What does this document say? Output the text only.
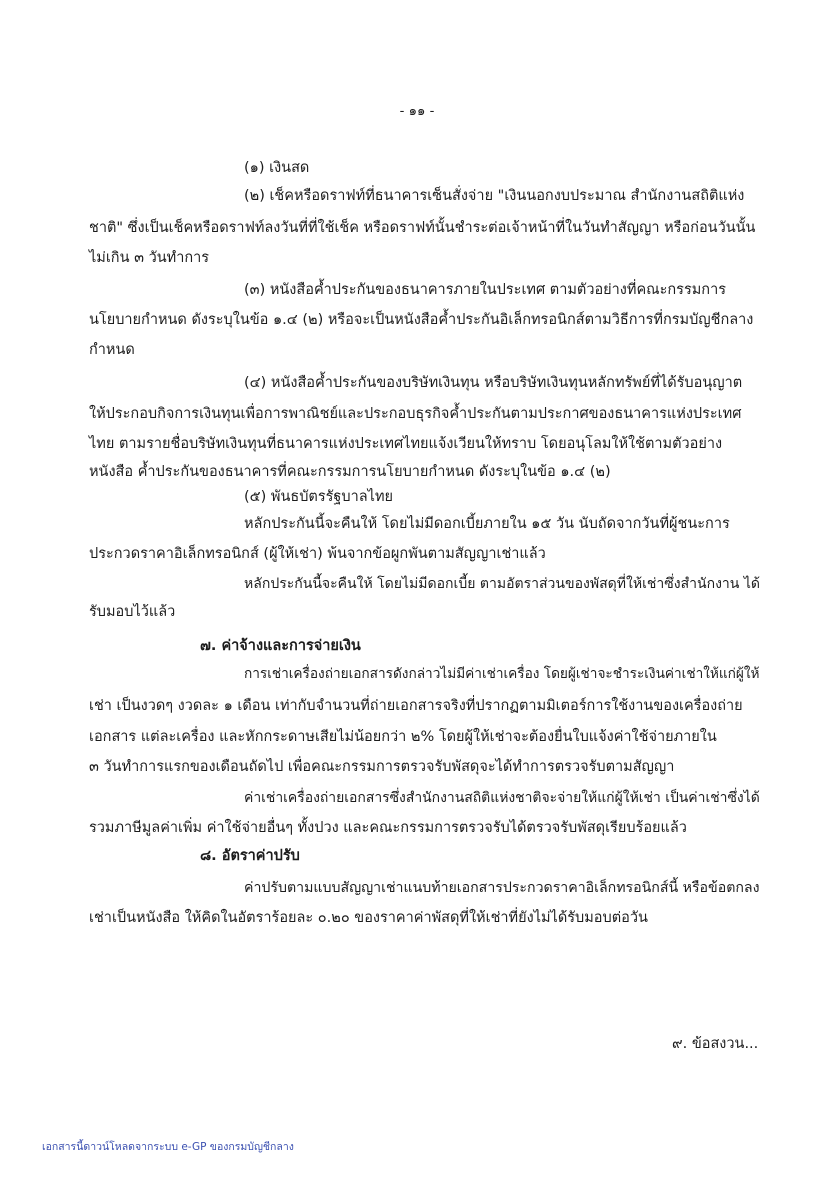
- ๑๑ -

(๑) เงินสด

(๒) เช็คหรือดราฟท์ที่ธนาคารเซ็นสั่งจ่าย "เงินนอกงบประมาณ สำนักงานสถิติแห่ง

ชาติ" ซึ่งเป็นเช็คหรือดราฟท์ลงวันที่ที่ใช้เช็ค หรือดราฟท์นั้นชำระต่อเจ้าหน้าที่ในวันทำสัญญา หรือก่อนวันนั้น

ไม่เกิน ๓ วันทำการ

(๓) หนังสือค้ำประกันของธนาคารภายในประเทศ ตามตัวอย่างที่คณะกรรมการ

นโยบายกำหนด ดังระบุในข้อ ๑.๔ (๒) หรือจะเป็นหนังสือค้ำประกันอิเล็กทรอนิกส์ตามวิธีการที่กรมบัญชีกลาง

กำหนด

(๔) หนังสือค้ำประกันของบริษัทเงินทุน หรือบริษัทเงินทุนหลักทรัพย์ที่ได้รับอนุญาต

ให้ประกอบกิจการเงินทุนเพื่อการพาณิชย์และประกอบธุรกิจค้ำประกันตามประกาศของธนาคารแห่งประเทศ

ไทย ตามรายชื่อบริษัทเงินทุนที่ธนาคารแห่งประเทศไทยแจ้งเวียนให้ทราบ โดยอนุโลมให้ใช้ตามตัวอย่าง

หนังสือ ค้ำประกันของธนาคารที่คณะกรรมการนโยบายกำหนด ดังระบุในข้อ ๑.๔ (๒)

(๕) พันธบัตรรัฐบาลไทย

หลักประกันนี้จะคืนให้ โดยไม่มีดอกเบี้ยภายใน ๑๕ วัน นับถัดจากวันที่ผู้ชนะการ

ประกวดราคาอิเล็กทรอนิกส์ (ผู้ให้เช่า) พ้นจากข้อผูกพันตามสัญญาเช่าแล้ว

หลักประกันนี้จะคืนให้ โดยไม่มีดอกเบี้ย ตามอัตราส่วนของพัสดุที่ให้เช่าซึ่งสำนักงาน ได้

รับมอบไว้แล้ว

๗. ค่าจ้างและการจ่ายเงิน

การเช่าเครื่องถ่ายเอกสารดังกล่าวไม่มีค่าเช่าเครื่อง โดยผู้เช่าจะชำระเงินค่าเช่าให้แก่ผู้ให้

เช่า เป็นงวดๆ งวดละ ๑ เดือน เท่ากับจำนวนที่ถ่ายเอกสารจริงที่ปรากฏตามมิเตอร์การใช้งานของเครื่องถ่าย

เอกสาร แต่ละเครื่อง และหักกระดาษเสียไม่น้อยกว่า ๒% โดยผู้ให้เช่าจะต้องยื่นใบแจ้งค่าใช้จ่ายภายใน

๓ วันทำการแรกของเดือนถัดไป เพื่อคณะกรรมการตรวจรับพัสดุจะได้ทำการตรวจรับตามสัญญา

ค่าเช่าเครื่องถ่ายเอกสารซึ่งสำนักงานสถิติแห่งชาติจะจ่ายให้แก่ผู้ให้เช่า เป็นค่าเช่าซึ่งได้

รวมภาษีมูลค่าเพิ่ม ค่าใช้จ่ายอื่นๆ ทั้งปวง และคณะกรรมการตรวจรับได้ตรวจรับพัสดุเรียบร้อยแล้ว

๘. อัตราค่าปรับ

ค่าปรับตามแบบสัญญาเช่าแนบท้ายเอกสารประกวดราคาอิเล็กทรอนิกส์นี้ หรือข้อตกลง

เช่าเป็นหนังสือ ให้คิดในอัตราร้อยละ ๐.๒๐ ของราคาค่าพัสดุที่ให้เช่าที่ยังไม่ได้รับมอบต่อวัน

๙. ข้อสงวน...

เอกสารนี้ดาวน์โหลดจากระบบ e-GP ของกรมบัญชีกลาง
